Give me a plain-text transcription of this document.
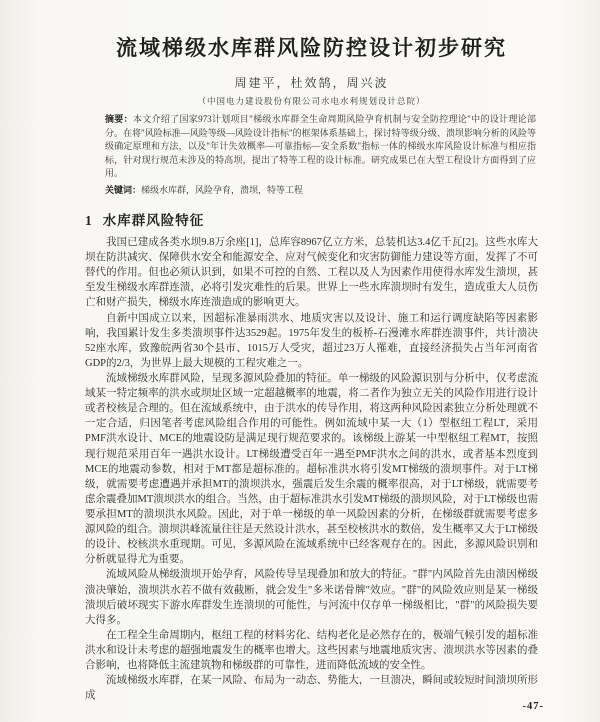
流域梯级水库群风险防控设计初步研究
周建平，杜效鹄，周兴波
（中国电力建设股份有限公司水电水利规划设计总院）
摘要：本文介绍了国家973计划项目"梯级水库群全生命周期风险孕育机制与安全防控理论"中的设计理论部分。在将"风险标准—风险等级—风险设计指标"的框架体系基础上，探讨特等级分级、溃坝影响分析的风险等级确定原理和方法，以及"年计失效概率—可靠指标—安全系数"指标一体的梯级水库风险设计标准与相应指标，针对现行规范未涉及的特高坝，提出了特等工程的设计标准。研究成果已在大型工程设计方面得到了应用。
关键词：梯级水库群，风险孕育，溃坝，特等工程
1 水库群风险特征

我国已建成各类水坝9.8万余座[1]，总库容8967亿立方米，总装机达3.4亿千瓦[2]。这些水库大坝在防洪减灾、保障供水安全和能源安全、应对气候变化和灾害防御能力建设等方面，发挥了不可替代的作用。但也必须认识到，如果不可控的自然、工程以及人为因素作用使得水库发生溃坝，甚至发生梯级水库群连溃，必将引发灾难性的后果。世界上一些水库溃坝时有发生，造成重大人员伤亡和财产损失，梯级水库连溃造成的影响更大。

自新中国成立以来，因超标准暴雨洪水、地质灾害以及设计、施工和运行调度缺陷等因素影响，我国累计发生多类溃坝事件达3529起。1975年发生的板桥-石漫滩水库群连溃事件，共计溃决52座水库，致豫皖两省30个县市、1015万人受灾，超过23万人罹难，直接经济损失占当年河南省GDP的2/3，为世界上最大规模的工程灾难之一。

流域梯级水库群风险，呈现多源风险叠加的特征。单一梯级的风险源识别与分析中，仅考虑流域某一特定频率的洪水或坝址区域一定超越概率的地震，将二者作为独立无关的风险作用进行设计或者校核是合理的。但在流域系统中，由于洪水的传导作用，将这两种风险因素独立分析处理就不一定合适，归因笔者考虑风险组合作用的可能性。例如流域中某一大（1）型枢纽工程LT，采用PMF洪水设计、MCE的地震设防是满足现行规范要求的。该梯级上游某一中型枢纽工程MT，按照现行规范采用百年一遇洪水设计。LT梯级遭受百年一遇至PMF洪水之间的洪水，或者基本烈度到MCE的地震动参数，相对于MT都是超标准的。超标准洪水将引发MT梯级的溃坝事件。对于LT梯级，就需要考虑遭遇并承担MT的溃坝洪水，强震后发生余震的概率很高，对于LT梯级，就需要考虑余震叠加MT溃坝洪水的组合。当然，由于超标准洪水引发MT梯级的溃坝风险，对于LT梯级也需要承担MT的溃坝洪水风险。因此，对于单一梯级的单一风险因素的分析，在梯级群就需要考虑多源风险的组合。溃坝洪峰流量往往是天然设计洪水，甚至校核洪水的数倍，发生概率又大于LT梯级的设计、校核洪水重现期。可见，多源风险在流域系统中已经客观存在的。因此，多源风险识别和分析就显得尤为重要。

流域风险从梯级溃坝开始孕育，风险传导呈现叠加和放大的特征。"群"内风险首先由溃因梯级溃决肇始，溃坝洪水若不做有效截断，就会发生"多米诺骨牌"效应。"群"的风险效应则是某一梯级溃坝后破坏现实下游水库群发生连溃坝的可能性，与河流中仅存单一梯级相比，"群"的风险损失要大得多。

在工程全生命周期内，枢纽工程的材料劣化、结构老化是必然存在的，极端气候引发的超标准洪水和设计未考虑的超强地震发生的概率也增大。这些因素与地震地质灾害、溃坝洪水等因素的叠合影响，也将降低主流建筑物和梯级群的可靠性，进而降低流域的安全性。

流域梯级水库群，在某一风险、布局为一动态、势能大，一旦溃决，瞬间或较短时间溃坝所形成

-47-
